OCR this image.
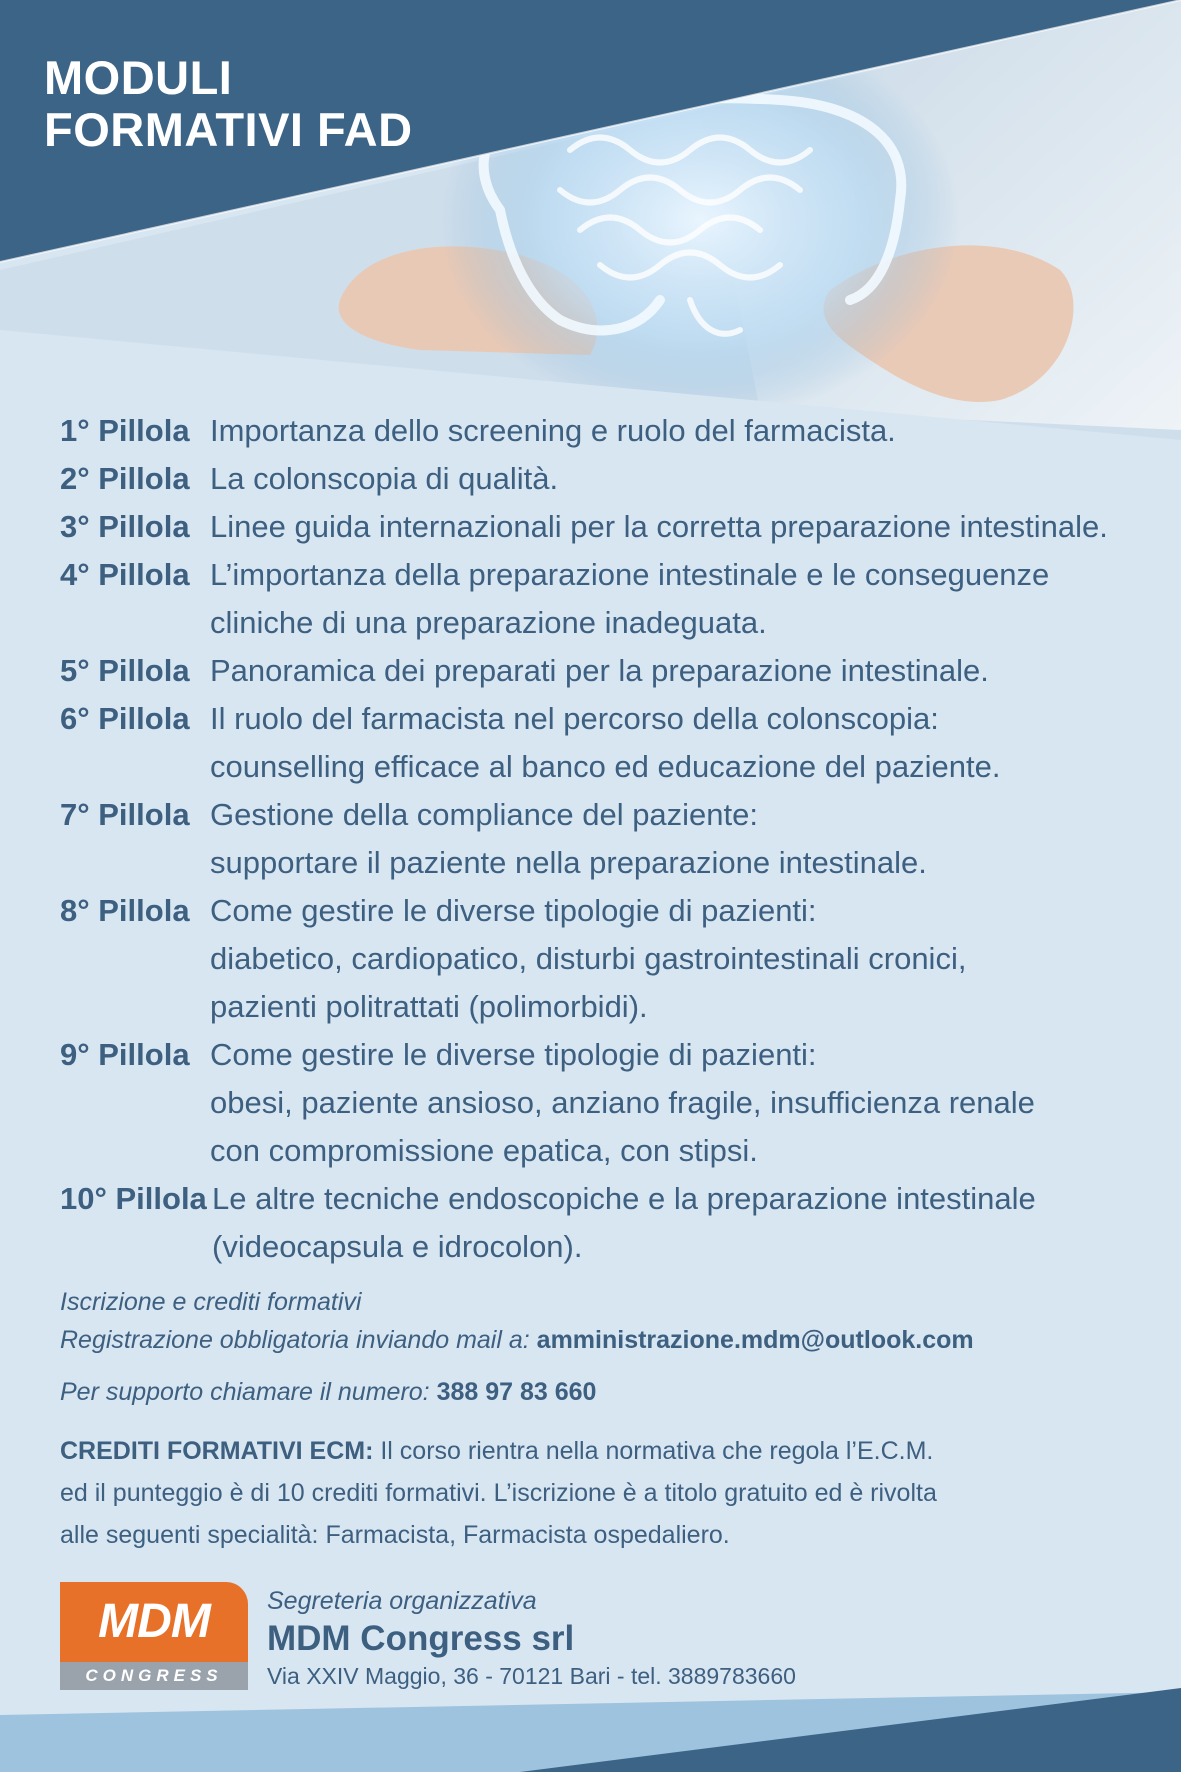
MODULI
FORMATIVI FAD
1° Pillola Importanza dello screening e ruolo del farmacista.
2° Pillola La colonscopia di qualità.
3° Pillola Linee guida internazionali per la corretta preparazione intestinale.
4° Pillola L’importanza della preparazione intestinale e le conseguenze
cliniche di una preparazione inadeguata.
5° Pillola Panoramica dei preparati per la preparazione intestinale.
6° Pillola Il ruolo del farmacista nel percorso della colonscopia:
counselling efficace al banco ed educazione del paziente.
7° Pillola Gestione della compliance del paziente:
supportare il paziente nella preparazione intestinale.
8° Pillola Come gestire le diverse tipologie di pazienti:
diabetico, cardiopatico, disturbi gastrointestinali cronici,
pazienti politrattati (polimorbidi).
9° Pillola Come gestire le diverse tipologie di pazienti:
obesi, paziente ansioso, anziano fragile, insufficienza renale
con compromissione epatica, con stipsi.
10° Pillola Le altre tecniche endoscopiche e la preparazione intestinale
(videocapsula e idrocolon).
Iscrizione e crediti formativi
Registrazione obbligatoria inviando mail a: amministrazione.mdm@outlook.com
Per supporto chiamare il numero: 388 97 83 660
CREDITI FORMATIVI ECM: Il corso rientra nella normativa che regola l’E.C.M.
ed il punteggio è di 10 crediti formativi. L’iscrizione è a titolo gratuito ed è rivolta
alle seguenti specialità: Farmacista, Farmacista ospedaliero.
MDM
CONGRESS
Segreteria organizzativa
MDM Congress srl
Via XXIV Maggio, 36 - 70121 Bari - tel. 3889783660
